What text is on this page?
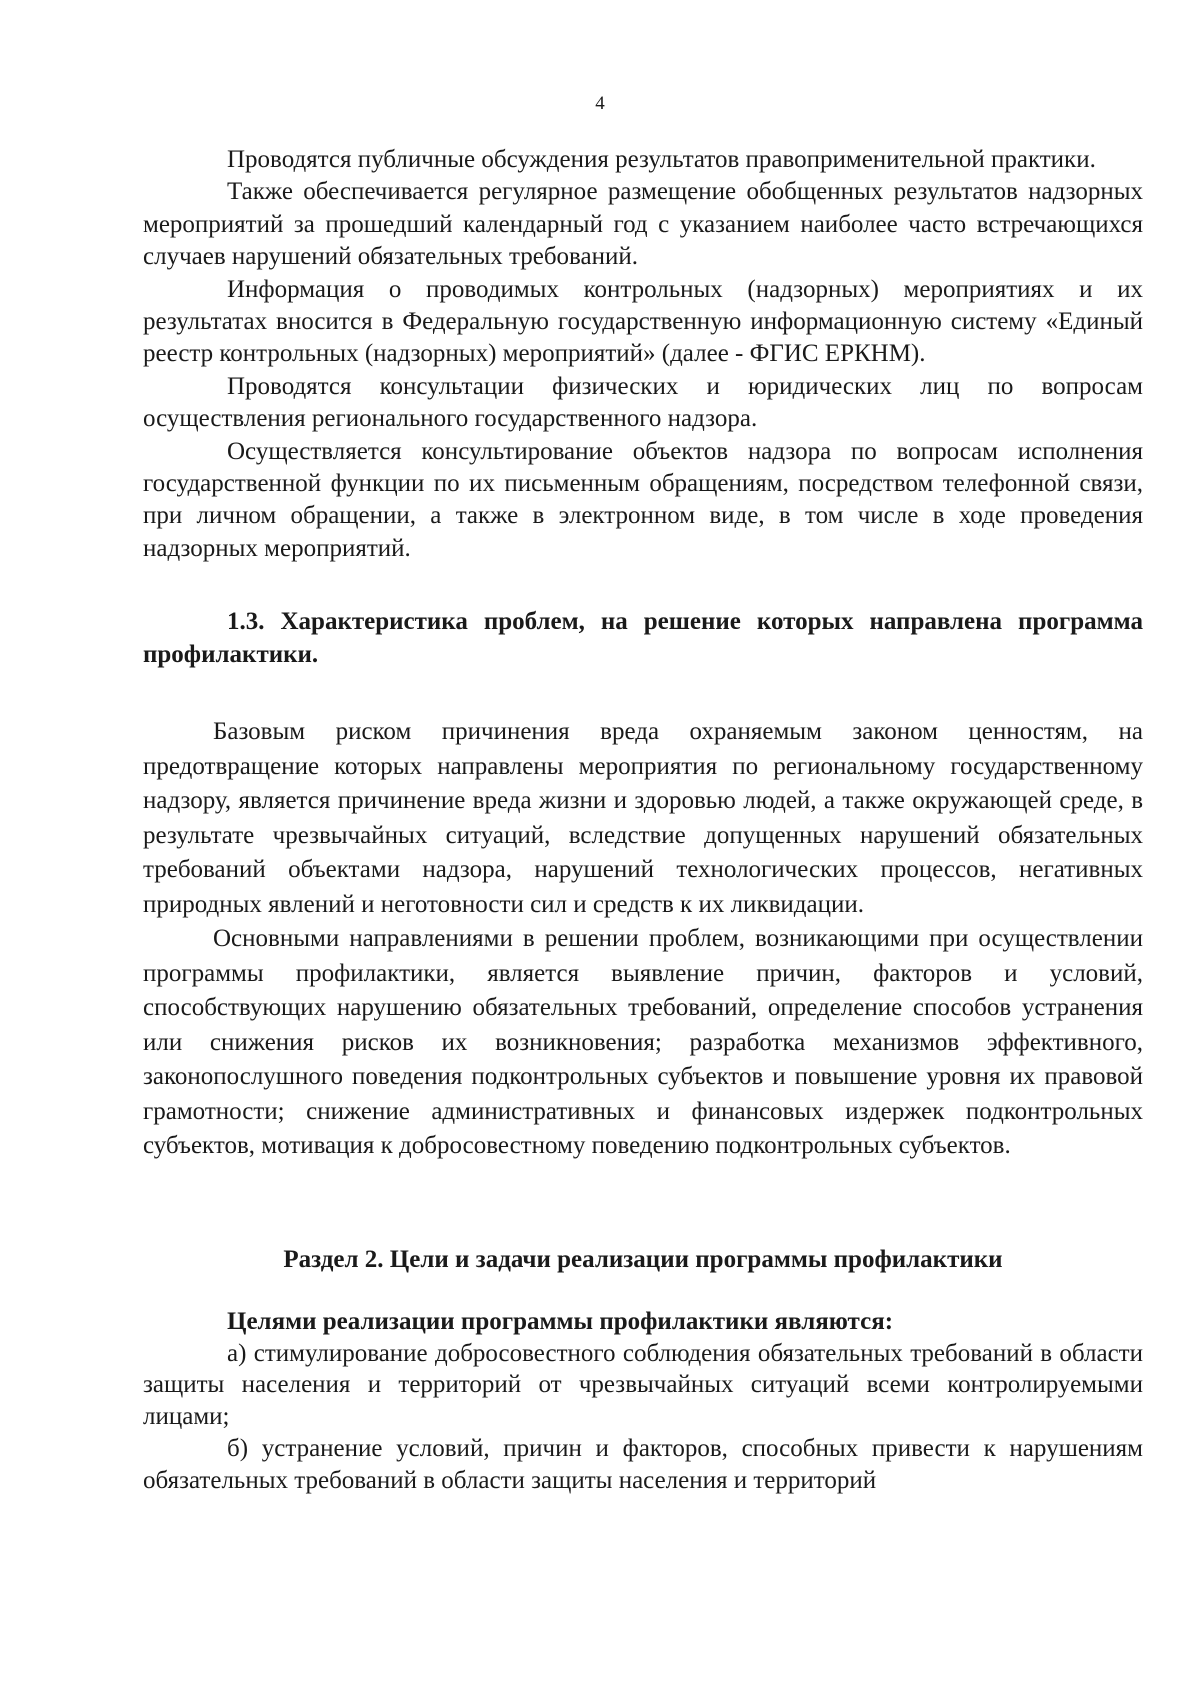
4

Проводятся публичные обсуждения результатов правоприменительной практики.

Также обеспечивается регулярное размещение обобщенных результатов надзорных мероприятий за прошедший календарный год с указанием наиболее часто встречающихся случаев нарушений обязательных требований.

Информация о проводимых контрольных (надзорных) мероприятиях и их результатах вносится в Федеральную государственную информационную систему «Единый реестр контрольных (надзорных) мероприятий» (далее - ФГИС ЕРКНМ).

Проводятся консультации физических и юридических лиц по вопросам осуществления регионального государственного надзора.

Осуществляется консультирование объектов надзора по вопросам исполнения государственной функции по их письменным обращениям, посредством телефонной связи, при личном обращении, а также в электронном виде, в том числе в ходе проведения надзорных мероприятий.

1.3. Характеристика проблем, на решение которых направлена программа профилактики.

Базовым риском причинения вреда охраняемым законом ценностям, на предотвращение которых направлены мероприятия по региональному государственному надзору, является причинение вреда жизни и здоровью людей, а также окружающей среде, в результате чрезвычайных ситуаций, вследствие допущенных нарушений обязательных требований объектами надзора, нарушений технологических процессов, негативных природных явлений и неготовности сил и средств к их ликвидации.

Основными направлениями в решении проблем, возникающими при осуществлении программы профилактики, является выявление причин, факторов и условий, способствующих нарушению обязательных требований, определение способов устранения или снижения рисков их возникновения; разработка механизмов эффективного, законопослушного поведения подконтрольных субъектов и повышение уровня их правовой грамотности; снижение административных и финансовых издержек подконтрольных субъектов, мотивация к добросовестному поведению подконтрольных субъектов.

Раздел 2. Цели и задачи реализации программы профилактики

Целями реализации программы профилактики являются:

а) стимулирование добросовестного соблюдения обязательных требований в области защиты населения и территорий от чрезвычайных ситуаций всеми контролируемыми лицами;

б) устранение условий, причин и факторов, способных привести к нарушениям обязательных требований в области защиты населения и территорий
